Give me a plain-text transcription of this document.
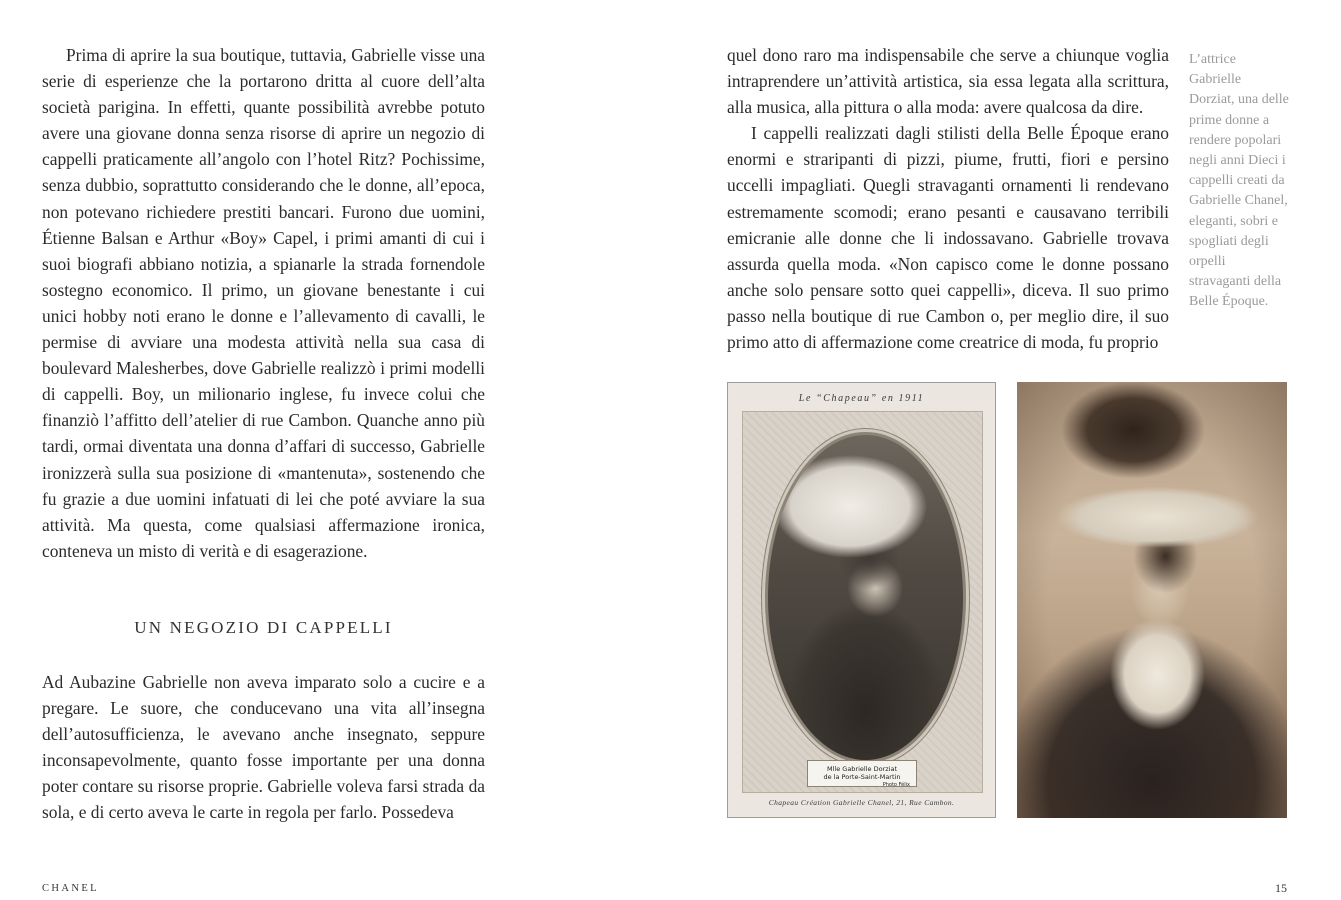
Prima di aprire la sua boutique, tuttavia, Gabrielle visse una serie di esperienze che la portarono dritta al cuore dell’alta società parigina. In effetti, quante possibilità avrebbe potuto avere una giovane donna senza risorse di aprire un negozio di cappelli praticamente all’angolo con l’hotel Ritz? Pochissime, senza dubbio, soprattutto considerando che le donne, all’epoca, non potevano richiedere prestiti bancari. Furono due uomini, Étienne Balsan e Arthur «Boy» Capel, i primi amanti di cui i suoi biografi abbiano notizia, a spianarle la strada fornendole sostegno economico. Il primo, un giovane benestante i cui unici hobby noti erano le donne e l’allevamento di cavalli, le permise di avviare una modesta attività nella sua casa di boulevard Malesherbes, dove Gabrielle realizzò i primi modelli di cappelli. Boy, un milionario inglese, fu invece colui che finanziò l’affitto dell’atelier di rue Cambon. Quanche anno più tardi, ormai diventata una donna d’affari di successo, Gabrielle ironizzerà sulla sua posizione di «mantenuta», sostenendo che fu grazie a due uomini infatuati di lei che poté avviare la sua attività. Ma questa, come qualsiasi affermazione ironica, conteneva un misto di verità e di esagerazione.

UN NEGOZIO DI CAPPELLI

Ad Aubazine Gabrielle non aveva imparato solo a cucire e a pregare. Le suore, che conducevano una vita all’insegna dell’autosufficienza, le avevano anche insegnato, seppure inconsapevolmente, quanto fosse importante per una donna poter contare su risorse proprie. Gabrielle voleva farsi strada da sola, e di certo aveva le carte in regola per farlo. Possedeva

CHANEL

quel dono raro ma indispensabile che serve a chiunque voglia intraprendere un’attività artistica, sia essa legata alla scrittura, alla musica, alla pittura o alla moda: avere qualcosa da dire.

I cappelli realizzati dagli stilisti della Belle Époque erano enormi e straripanti di pizzi, piume, frutti, fiori e persino uccelli impagliati. Quegli stravaganti ornamenti li rendevano estremamente scomodi; erano pesanti e causavano terribili emicranie alle donne che li indossavano. Gabrielle trovava assurda quella moda. «Non capisco come le donne possano anche solo pensare sotto quei cappelli», diceva. Il suo primo passo nella boutique di rue Cambon o, per meglio dire, il suo primo atto di affermazione come creatrice di moda, fu proprio

L’attrice Gabrielle Dorziat, una delle prime donne a rendere popolari negli anni Dieci i cappelli creati da Gabrielle Chanel, eleganti, sobri e spogliati degli orpelli stravaganti della Belle Époque.

Le “Chapeau” en 1911
Mlle Gabrielle Dorziat
de la Porte-Saint-Martin
Photo Félix
Chapeau Création Gabrielle Chanel, 21, Rue Cambon.

15
